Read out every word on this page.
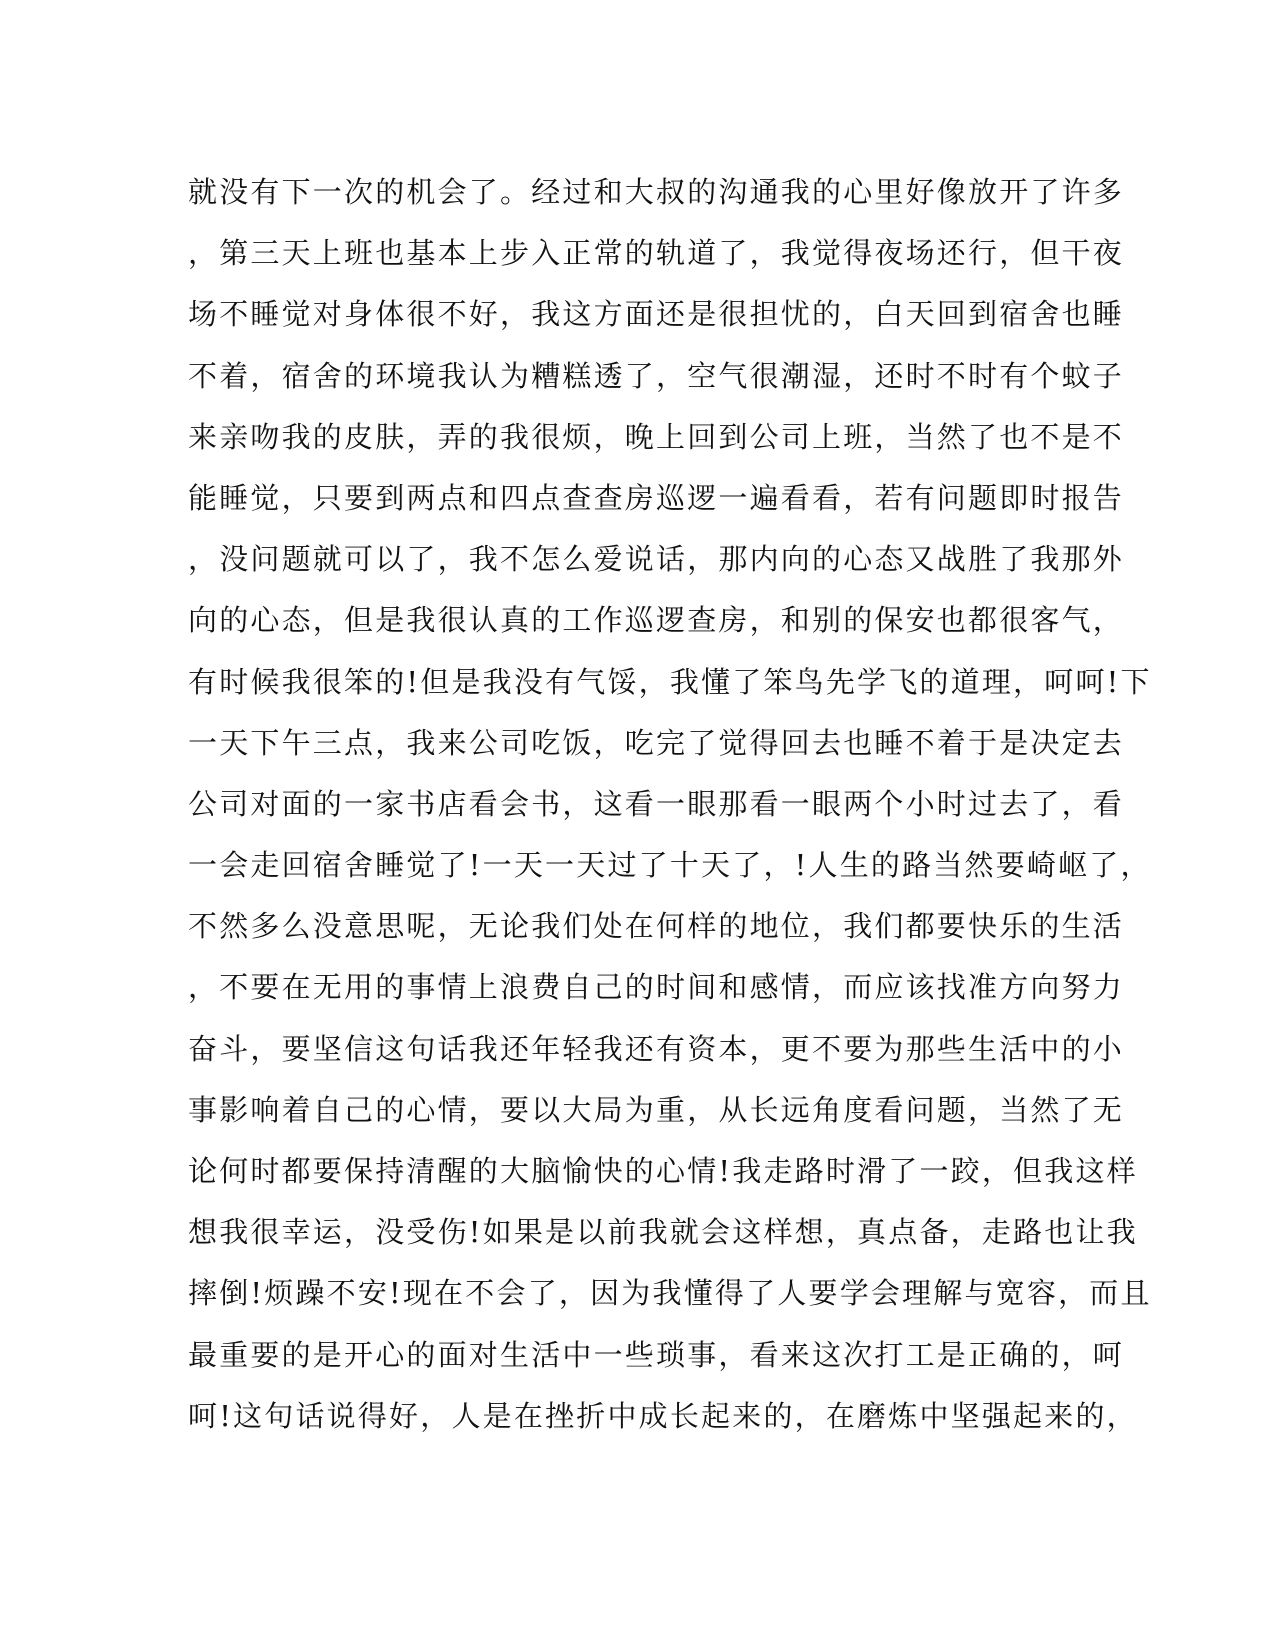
就没有下一次的机会了。经过和大叔的沟通我的心里好像放开了许多
，第三天上班也基本上步入正常的轨道了，我觉得夜场还行，但干夜
场不睡觉对身体很不好，我这方面还是很担忧的，白天回到宿舍也睡
不着，宿舍的环境我认为糟糕透了，空气很潮湿，还时不时有个蚊子
来亲吻我的皮肤，弄的我很烦，晚上回到公司上班，当然了也不是不
能睡觉，只要到两点和四点查查房巡逻一遍看看，若有问题即时报告
，没问题就可以了，我不怎么爱说话，那内向的心态又战胜了我那外
向的心态，但是我很认真的工作巡逻查房，和别的保安也都很客气，
有时候我很笨的!但是我没有气馁，我懂了笨鸟先学飞的道理，呵呵!下
一天下午三点，我来公司吃饭，吃完了觉得回去也睡不着于是决定去
公司对面的一家书店看会书，这看一眼那看一眼两个小时过去了，看
一会走回宿舍睡觉了!一天一天过了十天了，!人生的路当然要崎岖了，
不然多么没意思呢，无论我们处在何样的地位，我们都要快乐的生活
，不要在无用的事情上浪费自己的时间和感情，而应该找准方向努力
奋斗，要坚信这句话我还年轻我还有资本，更不要为那些生活中的小
事影响着自己的心情，要以大局为重，从长远角度看问题，当然了无
论何时都要保持清醒的大脑愉快的心情!我走路时滑了一跤，但我这样
想我很幸运，没受伤!如果是以前我就会这样想，真点备，走路也让我
摔倒!烦躁不安!现在不会了，因为我懂得了人要学会理解与宽容，而且
最重要的是开心的面对生活中一些琐事，看来这次打工是正确的，呵
呵!这句话说得好，人是在挫折中成长起来的，在磨炼中坚强起来的，
